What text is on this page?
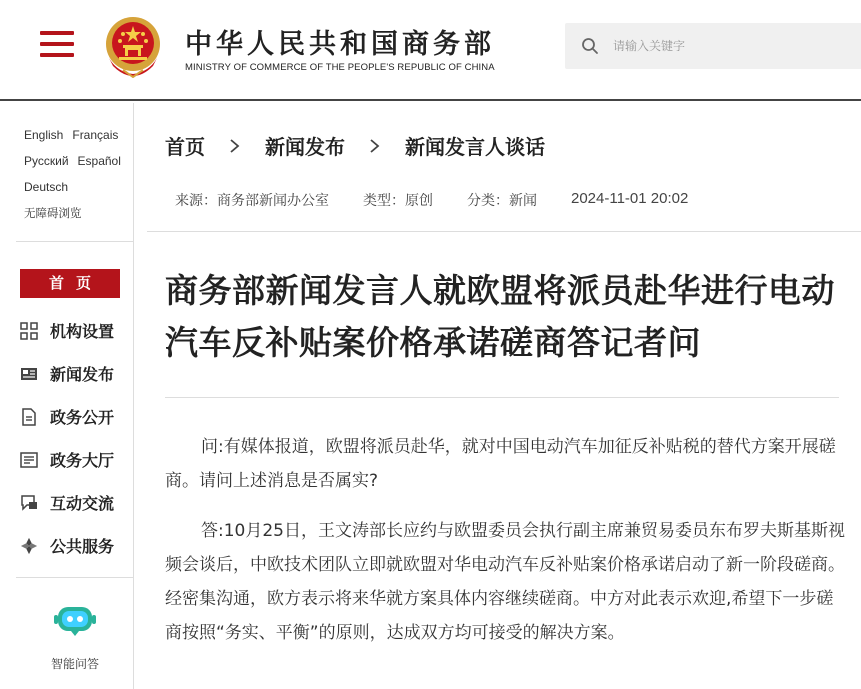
中华人民共和国商务部
MINISTRY OF COMMERCE OF THE PEOPLE'S REPUBLIC OF CHINA
请输入关键字
English Français
Русский Español
Deutsch
无障碍浏览
首页
机构设置
新闻发布
政务公开
政务大厅
互动交流
公共服务
智能问答
首页	新闻发布	新闻发言人谈话
来源：商务部新闻办公室 类型：原创 分类：新闻 2024-11-01 20:02
商务部新闻发言人就欧盟将派员赴华进行电动汽车反补贴案价格承诺磋商答记者问

问:有媒体报道，欧盟将派员赴华，就对中国电动汽车加征反补贴税的替代方案开展磋商。请问上述消息是否属实?

答:10月25日，王文涛部长应约与欧盟委员会执行副主席兼贸易委员东布罗夫斯基斯视频会谈后，中欧技术团队立即就欧盟对华电动汽车反补贴案价格承诺启动了新一阶段磋商。经密集沟通，欧方表示将来华就方案具体内容继续磋商。中方对此表示欢迎,希望下一步磋商按照“务实、平衡”的原则，达成双方均可接受的解决方案。
